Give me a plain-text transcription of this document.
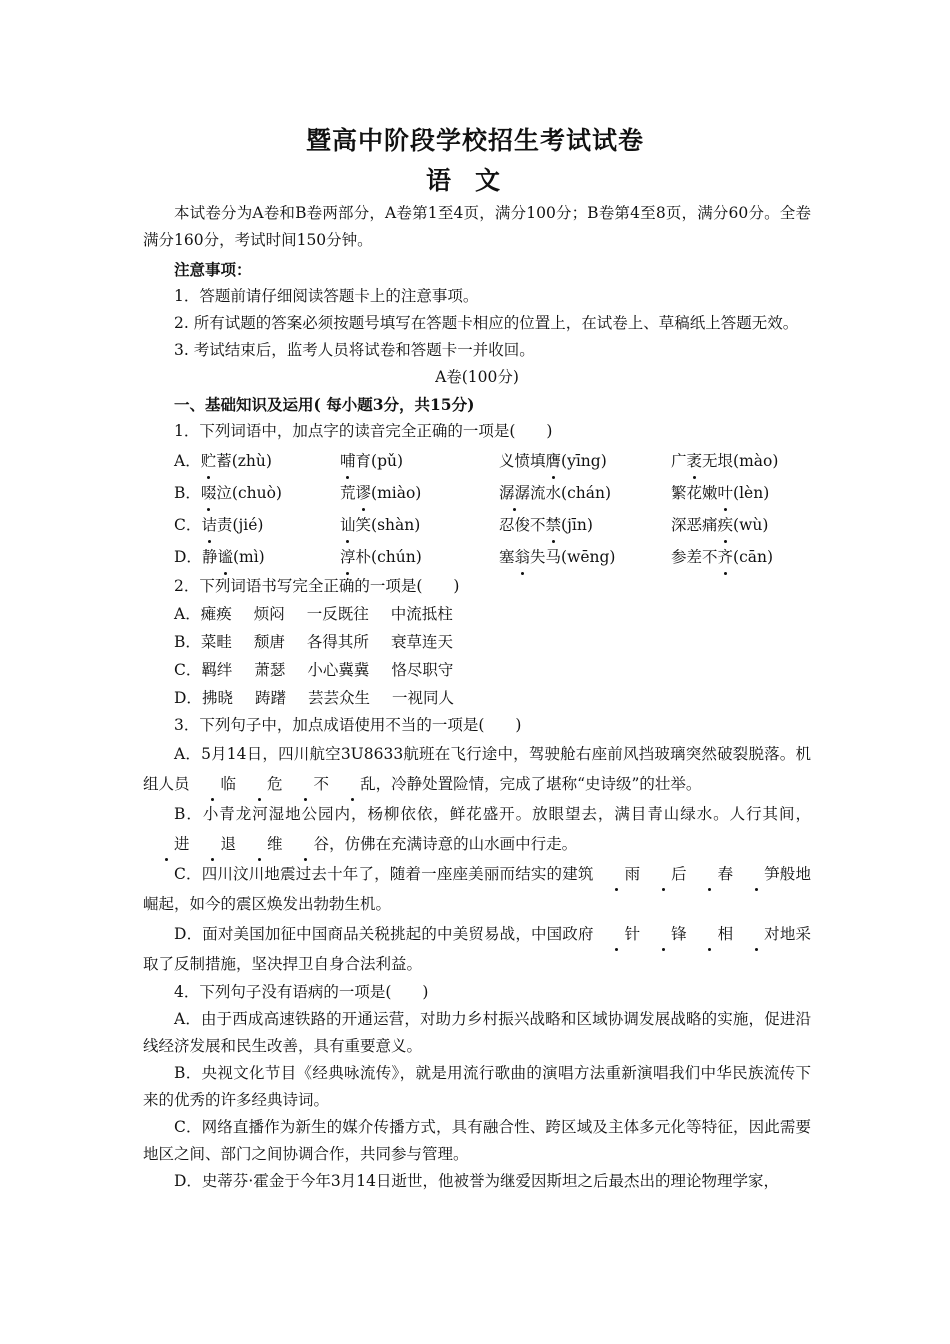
暨高中阶段学校招生考试试卷
语文

本试卷分为A卷和B卷两部分，A卷第1至4页，满分100分；B卷第4至8页，满分60分。全卷满分160分，考试时间150分钟。

注意事项：

1．答题前请仔细阅读答题卡上的注意事项。

2. 所有试题的答案必须按题号填写在答题卡相应的位置上，在试卷上、草稿纸上答题无效。

3. 考试结束后，监考人员将试卷和答题卡一并收回。

A卷(100分)

一、基础知识及运用( 每小题3分，共15分)

1．下列词语中，加点字的读音完全正确的一项是(　　)

A．贮蓄(zhù)	哺育(pǔ)	义愤填膺(yīng)	广袤无垠(mào)
B．啜泣(chuò)	荒谬(miào)	潺潺流水(chán)	繁花嫩叶(lèn)
C．诘责(jié)	讪笑(shàn)	忍俊不禁(jīn)	深恶痛疾(wù)
D．静谧(mì)	淳朴(chún)	塞翁失马(wēng)	参差不齐(cān)

2．下列词语书写完全正确的一项是(　　)

A． 瘫痪 烦闷 一反既往 中流抵柱
B． 菜畦 颓唐 各得其所 衰草连天
C． 羁绊 萧瑟 小心冀冀 恪尽职守
D． 拂晓 踌躇 芸芸众生 一视同人

3．下列句子中，加点成语使用不当的一项是(　　)

A．5月14日，四川航空3U8633航班在飞行途中，驾驶舱右座前风挡玻璃突然破裂脱落。机组人员 临 危 不 乱，冷静处置险情，完成了堪称“史诗级”的壮举。

B．小青龙河湿地公园内，杨柳依依，鲜花盛开。放眼望去，满目青山绿水。人行其间，进 退 维 谷，仿佛在充满诗意的山水画中行走。

C．四川汶川地震过去十年了，随着一座座美丽而结实的建筑 雨 后 春 笋般地崛起，如今的震区焕发出勃勃生机。

D．面对美国加征中国商品关税挑起的中美贸易战，中国政府 针 锋 相 对地采取了反制措施，坚决捍卫自身合法利益。

4．下列句子没有语病的一项是(　　)

A．由于西成高速铁路的开通运营，对助力乡村振兴战略和区域协调发展战略的实施，促进沿线经济发展和民生改善，具有重要意义。

B．央视文化节目《经典咏流传》，就是用流行歌曲的演唱方法重新演唱我们中华民族流传下来的优秀的许多经典诗词。

C．网络直播作为新生的媒介传播方式，具有融合性、跨区域及主体多元化等特征，因此需要地区之间、部门之间协调合作，共同参与管理。

D．史蒂芬·霍金于今年3月14日逝世，他被誉为继爱因斯坦之后最杰出的理论物理学家，
